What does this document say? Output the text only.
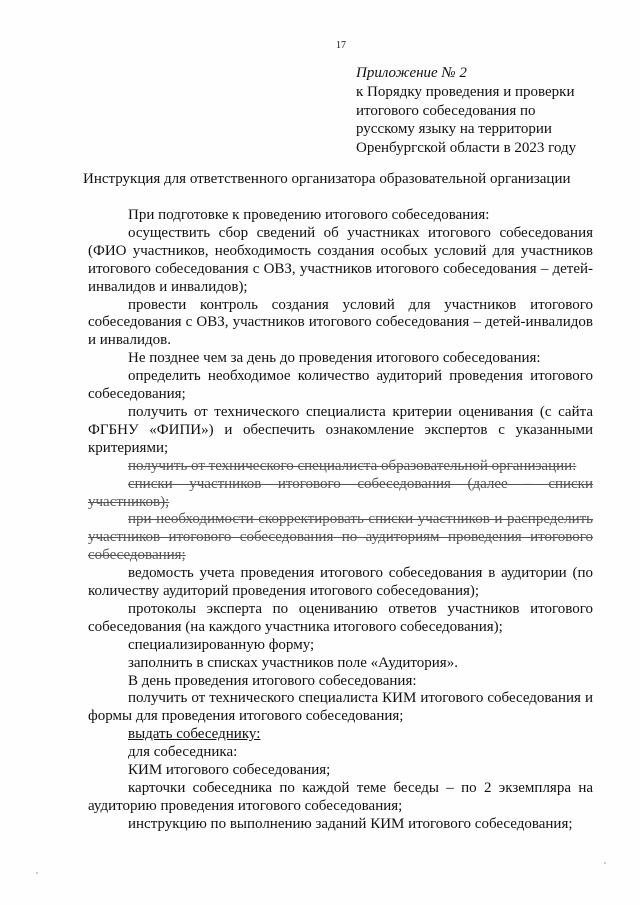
17
Приложение № 2
к Порядку проведения и проверки
итогового собеседования по
русскому языку на территории
Оренбургской области в 2023 году
Инструкция для ответственного организатора образовательной организации

При подготовке к проведению итогового собеседования:

осуществить сбор сведений об участниках итогового собеседования (ФИО участников, необходимость создания особых условий для участников итогового собеседования с ОВЗ, участников итогового собеседования – детей-инвалидов и инвалидов);

провести контроль создания условий для участников итогового собеседования с ОВЗ, участников итогового собеседования – детей-инвалидов и инвалидов.

Не позднее чем за день до проведения итогового собеседования:

определить необходимое количество аудиторий проведения итогового собеседования;

получить от технического специалиста критерии оценивания (с сайта ФГБНУ «ФИПИ») и обеспечить ознакомление экспертов с указанными критериями;

получить от технического специалиста образовательной организации:

списки участников итогового собеседования (далее – списки участников);

при необходимости скорректировать списки участников и распределить участников итогового собеседования по аудиториям проведения итогового собеседования;

ведомость учета проведения итогового собеседования в аудитории (по количеству аудиторий проведения итогового собеседования);

протоколы эксперта по оцениванию ответов участников итогового собеседования (на каждого участника итогового собеседования);

специализированную форму;

заполнить в списках участников поле «Аудитория».

В день проведения итогового собеседования:

получить от технического специалиста КИМ итогового собеседования и формы для проведения итогового собеседования;

выдать собеседнику:

для собеседника:

КИМ итогового собеседования;

карточки собеседника по каждой теме беседы – по 2 экземпляра на аудиторию проведения итогового собеседования;

инструкцию по выполнению заданий КИМ итогового собеседования;
